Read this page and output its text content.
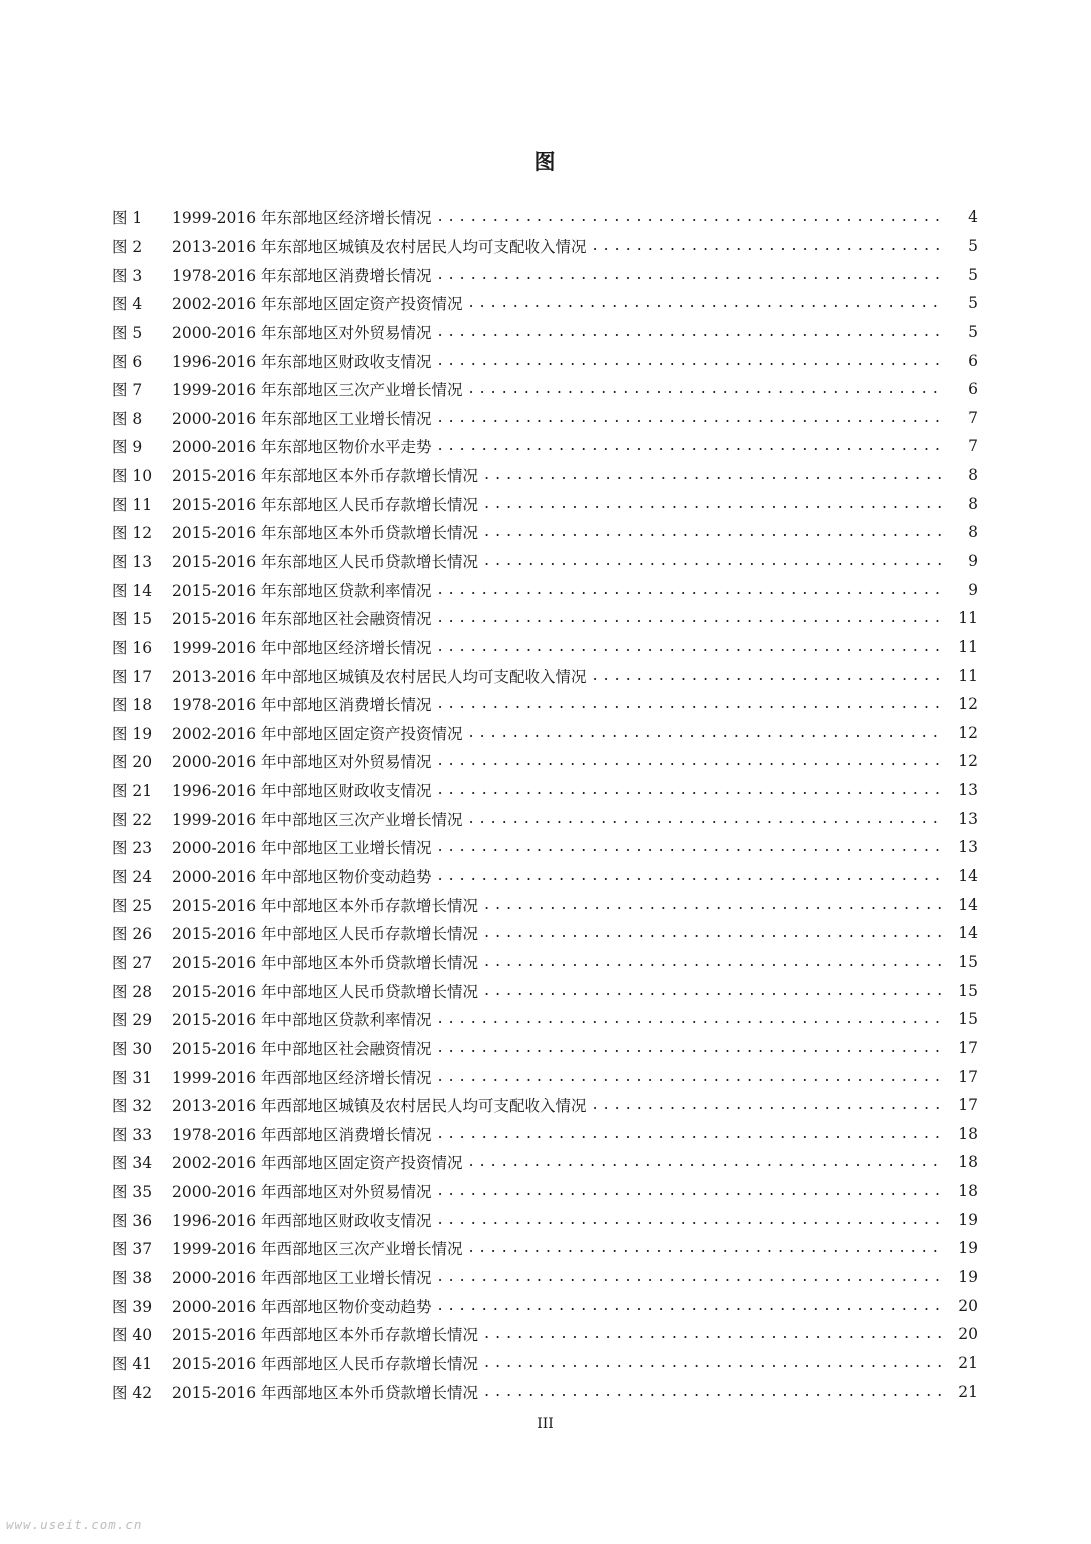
图
图 1	1999-2016 年东部地区经济增长情况 . . .	4
图 2	2013-2016 年东部地区城镇及农村居民人均可支配收入情况 . . .	5
图 3	1978-2016 年东部地区消费增长情况 . . .	5
图 4	2002-2016 年东部地区固定资产投资情况 . . .	5
图 5	2000-2016 年东部地区对外贸易情况 . . .	5
图 6	1996-2016 年东部地区财政收支情况 . . .	6
图 7	1999-2016 年东部地区三次产业增长情况 . . .	6
图 8	2000-2016 年东部地区工业增长情况 . . .	7
图 9	2000-2016 年东部地区物价水平走势 . . .	7
图 10	2015-2016 年东部地区本外币存款增长情况 . . .	8
图 11	2015-2016 年东部地区人民币存款增长情况 . . .	8
图 12	2015-2016 年东部地区本外币贷款增长情况 . . .	8
图 13	2015-2016 年东部地区人民币贷款增长情况 . . .	9
图 14	2015-2016 年东部地区贷款利率情况 . . .	9
图 15	2015-2016 年东部地区社会融资情况 . . .	11
图 16	1999-2016 年中部地区经济增长情况 . . .	11
图 17	2013-2016 年中部地区城镇及农村居民人均可支配收入情况 . . .	11
图 18	1978-2016 年中部地区消费增长情况 . . .	12
图 19	2002-2016 年中部地区固定资产投资情况 . . .	12
图 20	2000-2016 年中部地区对外贸易情况 . . .	12
图 21	1996-2016 年中部地区财政收支情况 . . .	13
图 22	1999-2016 年中部地区三次产业增长情况 . . .	13
图 23	2000-2016 年中部地区工业增长情况 . . .	13
图 24	2000-2016 年中部地区物价变动趋势 . . .	14
图 25	2015-2016 年中部地区本外币存款增长情况 . . .	14
图 26	2015-2016 年中部地区人民币存款增长情况 . . .	14
图 27	2015-2016 年中部地区本外币贷款增长情况 . . .	15
图 28	2015-2016 年中部地区人民币贷款增长情况 . . .	15
图 29	2015-2016 年中部地区贷款利率情况 . . .	15
图 30	2015-2016 年中部地区社会融资情况 . . .	17
图 31	1999-2016 年西部地区经济增长情况 . . .	17
图 32	2013-2016 年西部地区城镇及农村居民人均可支配收入情况 . . .	17
图 33	1978-2016 年西部地区消费增长情况 . . .	18
图 34	2002-2016 年西部地区固定资产投资情况 . . .	18
图 35	2000-2016 年西部地区对外贸易情况 . . .	18
图 36	1996-2016 年西部地区财政收支情况 . . .	19
图 37	1999-2016 年西部地区三次产业增长情况 . . .	19
图 38	2000-2016 年西部地区工业增长情况 . . .	19
图 39	2000-2016 年西部地区物价变动趋势 . . .	20
图 40	2015-2016 年西部地区本外币存款增长情况 . . .	20
图 41	2015-2016 年西部地区人民币存款增长情况 . . .	21
图 42	2015-2016 年西部地区本外币贷款增长情况 . . .	21
III
www.useit.com.cn
